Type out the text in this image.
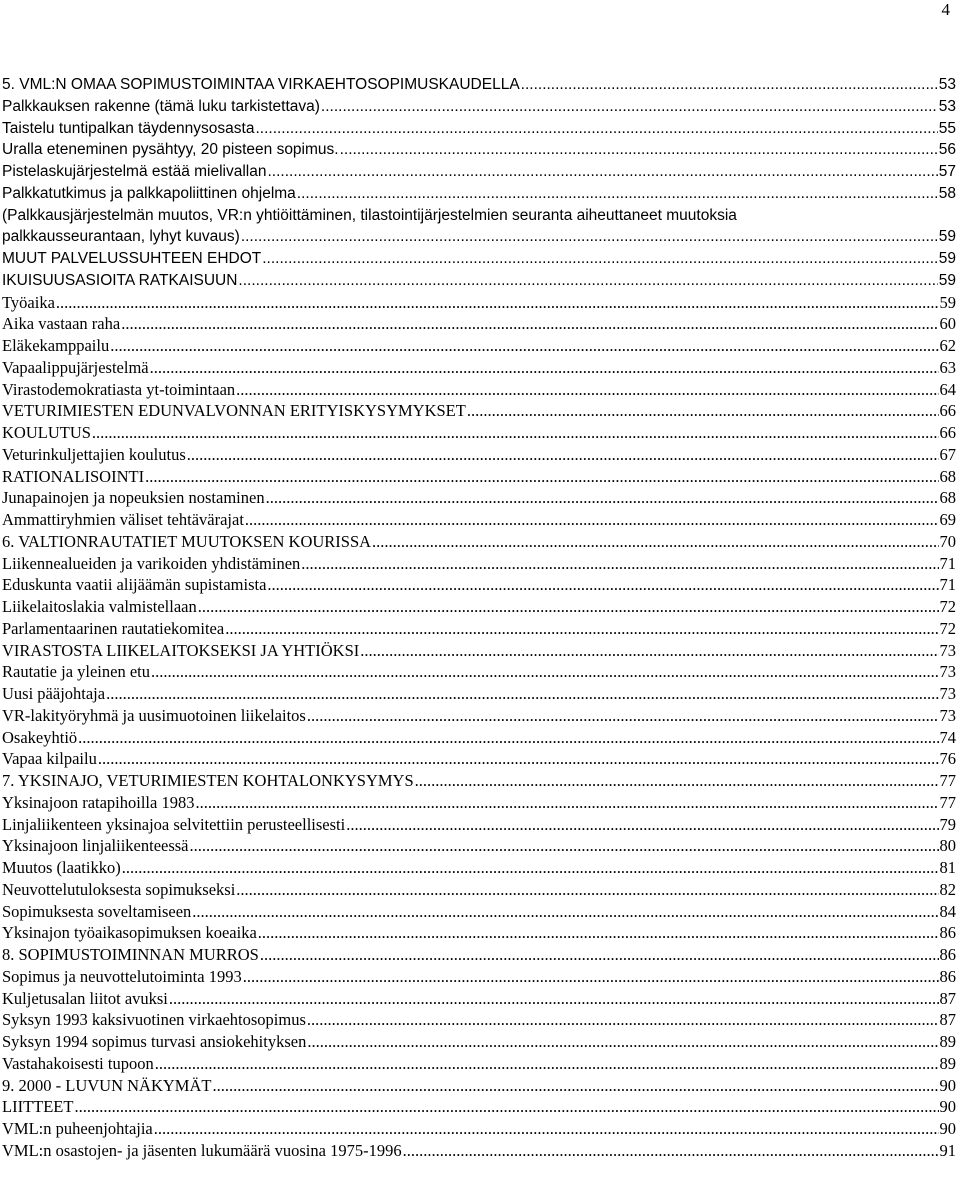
4
5. VML:N OMAA SOPIMUSTOIMINTAA VIRKAEHTOSOPIMUSKAUDELLA .....	53
Palkkauksen rakenne (tämä luku tarkistettava) .....	53
Taistelu tuntipalkan täydennysosasta .....	55
Uralla eteneminen pysähtyy, 20 pisteen sopimus. .....	56
Pistelaskujärjestelmä estää mielivallan .....	57
Palkkatutkimus ja palkkapoliittinen ohjelma .....	58
(Palkkausjärjestelmän muutos, VR:n yhtiöittäminen, tilastointijärjestelmien seuranta aiheuttaneet muutoksia
palkkausseurantaan, lyhyt kuvaus) .....	59
MUUT PALVELUSSUHTEEN EHDOT .....	59
IKUISUUSASIOITA RATKAISUUN .....	59
Työaika .....	59
Aika vastaan raha .....	60
Eläkekamppailu .....	62
Vapaalippujärjestelmä .....	63
Virastodemokratiasta yt-toimintaan .....	64
VETURIMIESTEN EDUNVALVONNAN ERITYISKYSYMYKSET .....	66
KOULUTUS .....	66
Veturinkuljettajien koulutus .....	67
RATIONALISOINTI .....	68
Junapainojen ja nopeuksien nostaminen .....	68
Ammattiryhmien väliset tehtävärajat .....	69
6. VALTIONRAUTATIET MUUTOKSEN KOURISSA .....	70
Liikennealueiden ja varikoiden yhdistäminen .....	71
Eduskunta vaatii alijäämän supistamista .....	71
Liikelaitoslakia valmistellaan .....	72
Parlamentaarinen rautatiekomitea .....	72
VIRASTOSTA LIIKELAITOKSEKSI JA YHTIÖKSI .....	73
Rautatie ja yleinen etu .....	73
Uusi pääjohtaja .....	73
VR-lakityöryhmä ja uusimuotoinen liikelaitos .....	73
Osakeyhtiö .....	74
Vapaa kilpailu .....	76
7. YKSINAJO, VETURIMIESTEN KOHTALONKYSYMYS .....	77
Yksinajoon ratapihoilla 1983 .....	77
Linjaliikenteen yksinajoa selvitettiin perusteellisesti .....	79
Yksinajoon linjaliikenteessä .....	80
Muutos (laatikko) .....	81
Neuvottelutuloksesta sopimukseksi .....	82
Sopimuksesta soveltamiseen .....	84
Yksinajon työaikasopimuksen koeaika .....	86
8. SOPIMUSTOIMINNAN MURROS .....	86
Sopimus ja neuvottelutoiminta 1993 .....	86
Kuljetusalan liitot avuksi .....	87
Syksyn 1993 kaksivuotinen virkaehtosopimus .....	87
Syksyn 1994 sopimus turvasi ansiokehityksen .....	89
Vastahakoisesti tupoon .....	89
9. 2000 - LUVUN NÄKYMÄT .....	90
LIITTEET .....	90
VML:n puheenjohtajia .....	90
VML:n osastojen- ja jäsenten lukumäärä vuosina 1975-1996 .....	91
